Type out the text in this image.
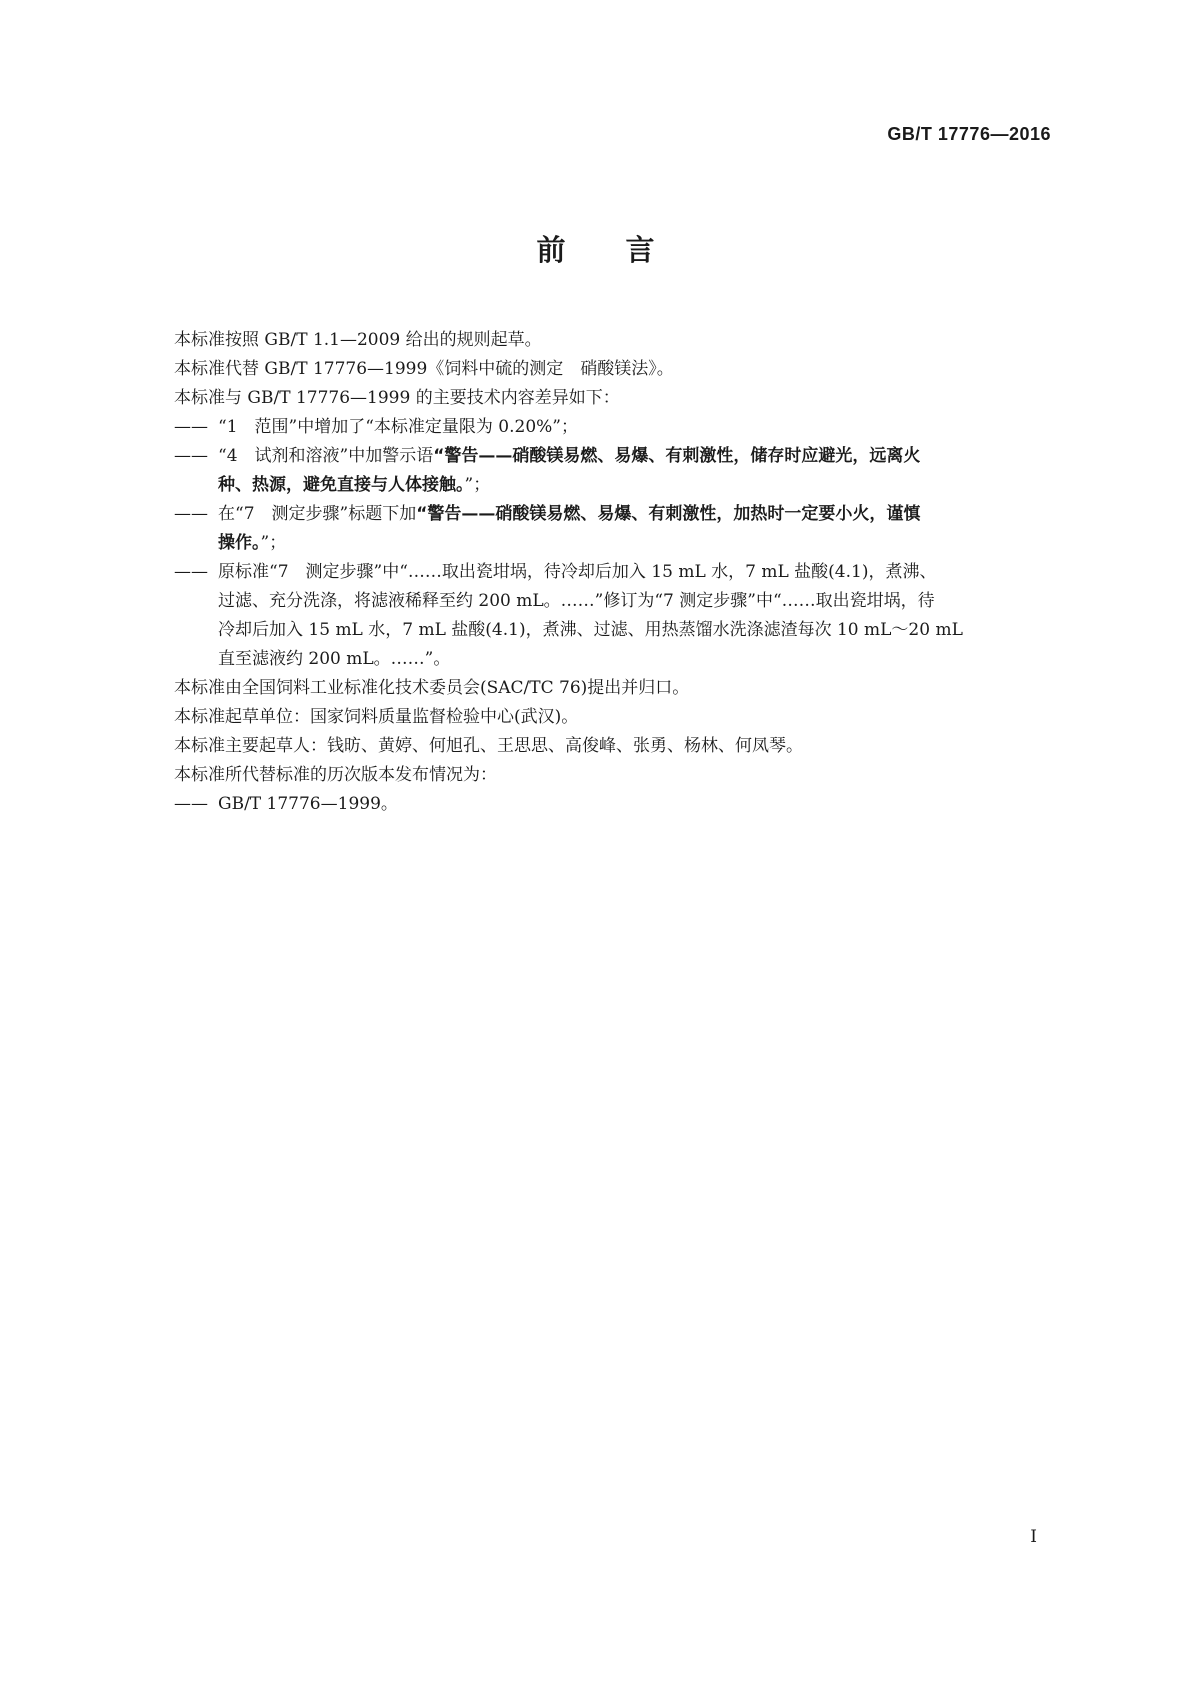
GB/T 17776—2016
前言

本标准按照 GB/T 1.1—2009 给出的规则起草。

本标准代替 GB/T 17776—1999《饲料中硫的测定　硝酸镁法》。

本标准与 GB/T 17776—1999 的主要技术内容差异如下：

—— “1　范围”中增加了“本标准定量限为 0.20%”；
—— “4　试剂和溶液”中加警示语“警告——硝酸镁易燃、易爆、有刺激性，储存时应避光，远离火
种、热源，避免直接与人体接触。”；
—— 在“7　测定步骤”标题下加“警告——硝酸镁易燃、易爆、有刺激性，加热时一定要小火，谨慎
操作。”；
—— 原标准“7　测定步骤”中“……取出瓷坩埚，待冷却后加入 15 mL 水，7 mL 盐酸(4.1)，煮沸、
过滤、充分洗涤，将滤液稀释至约 200 mL。……”修订为“7 测定步骤”中“……取出瓷坩埚，待
冷却后加入 15 mL 水，7 mL 盐酸(4.1)，煮沸、过滤、用热蒸馏水洗涤滤渣每次 10 mL～20 mL
直至滤液约 200 mL。……”。

本标准由全国饲料工业标准化技术委员会(SAC/TC 76)提出并归口。

本标准起草单位：国家饲料质量监督检验中心(武汉)。

本标准主要起草人：钱昉、黄婷、何旭孔、王思思、高俊峰、张勇、杨林、何凤琴。

本标准所代替标准的历次版本发布情况为：

—— GB/T 17776—1999。
I
